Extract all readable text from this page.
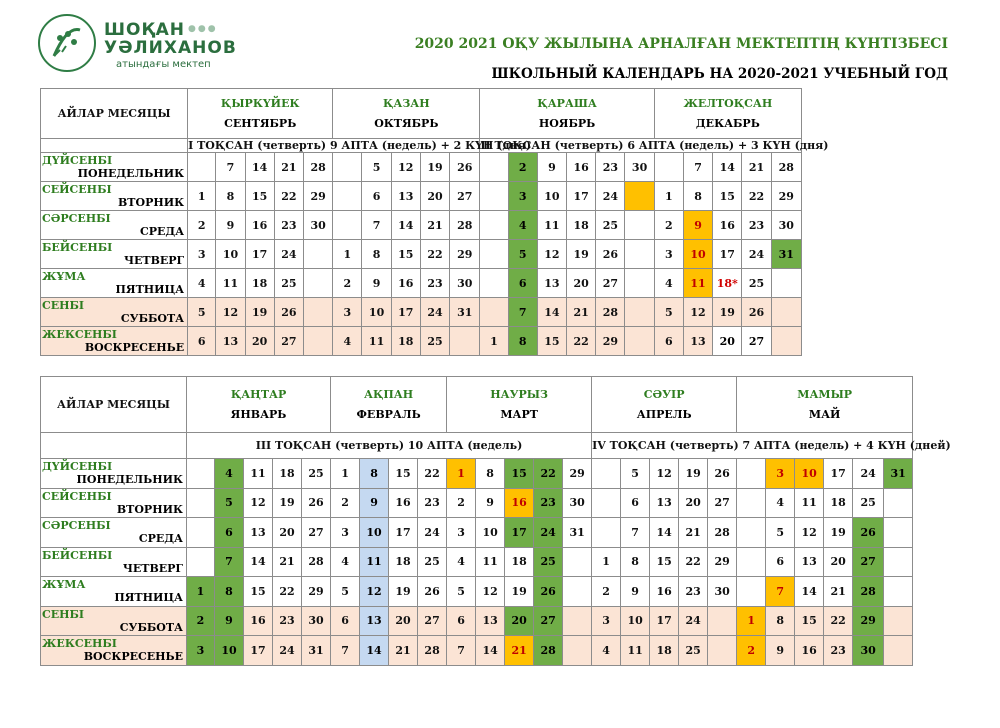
ШОҚАН ●●●
УӘЛИХАНОВ
атындағы мектеп
2020 2021 ОҚУ ЖЫЛЫНА АРНАЛҒАН МЕКТЕПТІҢ КҮНТІЗБЕСІ
ШКОЛЬНЫЙ КАЛЕНДАРЬ НА 2020-2021 УЧЕБНЫЙ ГОД
АЙЛАР МЕСЯЦЫ	ҚЫРКҮЙЕК
СЕНТЯБРЬ					ҚАЗАН
ОКТЯБРЬ					ҚАРАША
НОЯБРЬ						ЖЕЛТОҚСАН
ДЕКАБРЬ				

	I ТОҚСАН (четверть) 9 АПТА (недель) + 2 КҮН (дня)										II ТОҚСАН (четверть) 6 АПТА (недель) + 3 КҮН (дня)										

ДҮЙСЕНБІ
ПОНЕДЕЛЬНИК		7	14	21	28		5	12	19	26		2	9	16	23	30		7	14	21	28

СЕЙСЕНБІ
ВТОРНИК	1	8	15	22	29		6	13	20	27		3	10	17	24		1	8	15	22	29

СӘРСЕНБІ
СРЕДА	2	9	16	23	30		7	14	21	28		4	11	18	25		2	9	16	23	30

БЕЙСЕНБІ
ЧЕТВЕРГ	3	10	17	24		1	8	15	22	29		5	12	19	26		3	10	17	24	31

ЖҰМА
ПЯТНИЦА	4	11	18	25		2	9	16	23	30		6	13	20	27		4	11	18*	25	

СЕНБІ
СУББОТА	5	12	19	26		3	10	17	24	31		7	14	21	28		5	12	19	26	

ЖЕКСЕНБІ
ВОСКРЕСЕНЬЕ	6	13	20	27		4	11	18	25		1	8	15	22	29		6	13	20	27	
АЙЛАР МЕСЯЦЫ	ҚАҢТАР
ЯНВАРЬ					АҚПАН
ФЕВРАЛЬ				НАУРЫЗ
МАРТ					СӘУІР
АПРЕЛЬ					МАМЫР
МАЙ					

	III ТОҚСАН (четверть) 10 АПТА (недель)														IV ТОҚСАН (четверть) 7 АПТА (недель) + 4 КҮН (дней)										

ДҮЙСЕНБІ
ПОНЕДЕЛЬНИК		4	11	18	25	1	8	15	22	1	8	15	22	29		5	12	19	26		3	10	17	24	31

СЕЙСЕНБІ
ВТОРНИК		5	12	19	26	2	9	16	23	2	9	16	23	30		6	13	20	27		4	11	18	25	

СӘРСЕНБІ
СРЕДА		6	13	20	27	3	10	17	24	3	10	17	24	31		7	14	21	28		5	12	19	26	

БЕЙСЕНБІ
ЧЕТВЕРГ		7	14	21	28	4	11	18	25	4	11	18	25		1	8	15	22	29		6	13	20	27	

ЖҰМА
ПЯТНИЦА	1	8	15	22	29	5	12	19	26	5	12	19	26		2	9	16	23	30		7	14	21	28	

СЕНБІ
СУББОТА	2	9	16	23	30	6	13	20	27	6	13	20	27		3	10	17	24		1	8	15	22	29	

ЖЕКСЕНБІ
ВОСКРЕСЕНЬЕ	3	10	17	24	31	7	14	21	28	7	14	21	28		4	11	18	25		2	9	16	23	30	
